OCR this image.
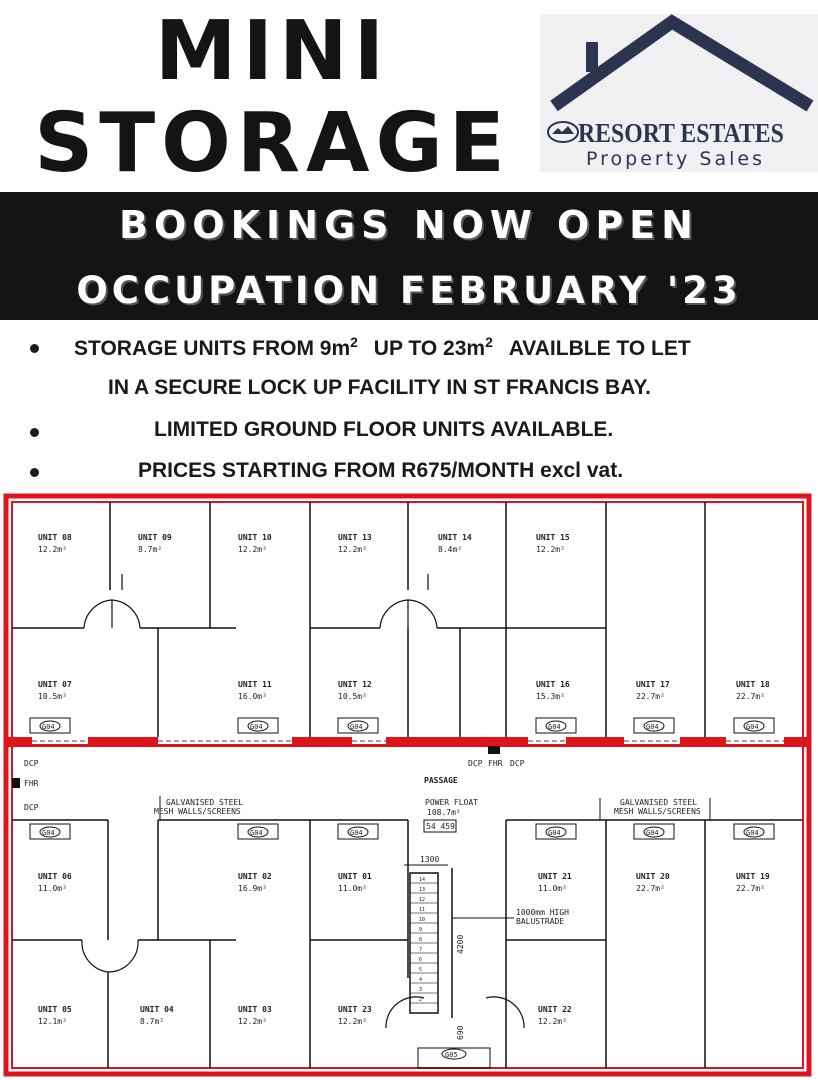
MINI
STORAGE	RESORT ESTATES
Property Sales
BOOKINGS NOW OPEN
OCCUPATION FEBRUARY '23
STORAGE UNITS FROM $9m^2$ UP TO $23m^2$ AVAILBLE TO LET
IN A SECURE LOCK UP FACILITY IN ST FRANCIS BAY.
LIMITED GROUND FLOOR UNITS AVAILABLE.
PRICES STARTING FROM R675/MONTH excl vat.
UNIT 08
12.2m²
UNIT 09
8.7m²
UNIT 10
12.2m²
UNIT 13
12.2m²
UNIT 14
8.4m²
UNIT 15
12.2m²
UNIT 07
10.5m²
UNIT 11
16.0m²
UNIT 12
10.5m²
UNIT 16
15.3m²
UNIT 17
22.7m²
UNIT 18
22.7m²
UNIT 06
11.0m²
UNIT 02
16.9m²
UNIT 01
11.0m²
UNIT 21
11.0m²
UNIT 20
22.7m²
UNIT 19
22.7m²
UNIT 05
12.1m²
UNIT 04
8.7m²
UNIT 03
12.2m²
UNIT 23
12.2m²
UNIT 22
12.2m²
G04	G04	G04	G04	G04	G04
G04	G04	G04	G04	G04	G04
PASSAGE
POWER FLOAT
108.7m²
54 459
GALVANISED STEEL
MESH WALLS/SCREENS
GALVANISED STEEL
MESH WALLS/SCREENS
1000mm HIGH
BALUSTRADE
1300
4200
690
DCP
FHR
DCP
DCP FHR DCP
14
13
12
11
10
9
8
7
6
5
4
3
2
G05
